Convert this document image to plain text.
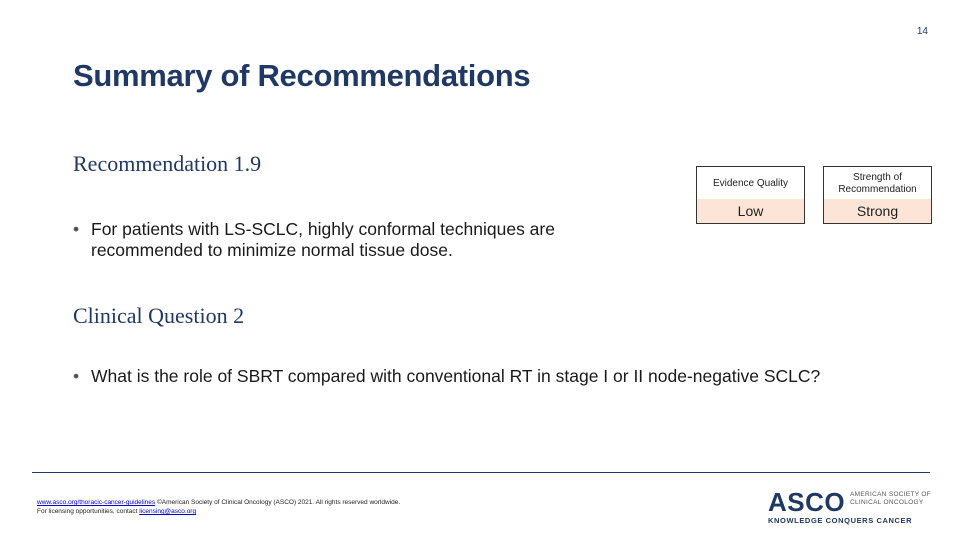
14
Summary of Recommendations
Recommendation 1.9
• For patients with LS-SCLC, highly conformal techniques are recommended to minimize normal tissue dose.
Evidence Quality
Low
Strength of Recommendation
Strong
Clinical Question 2
• What is the role of SBRT compared with conventional RT in stage I or II node-negative SCLC?
www.asco.org/thoracic-cancer-guidelines ©American Society of Clinical Oncology (ASCO) 2021. All rights reserved worldwide.
For licensing opportunities, contact licensing@asco.org	ASCO AMERICAN SOCIETY OF
CLINICAL ONCOLOGY
KNOWLEDGE CONQUERS CANCER
